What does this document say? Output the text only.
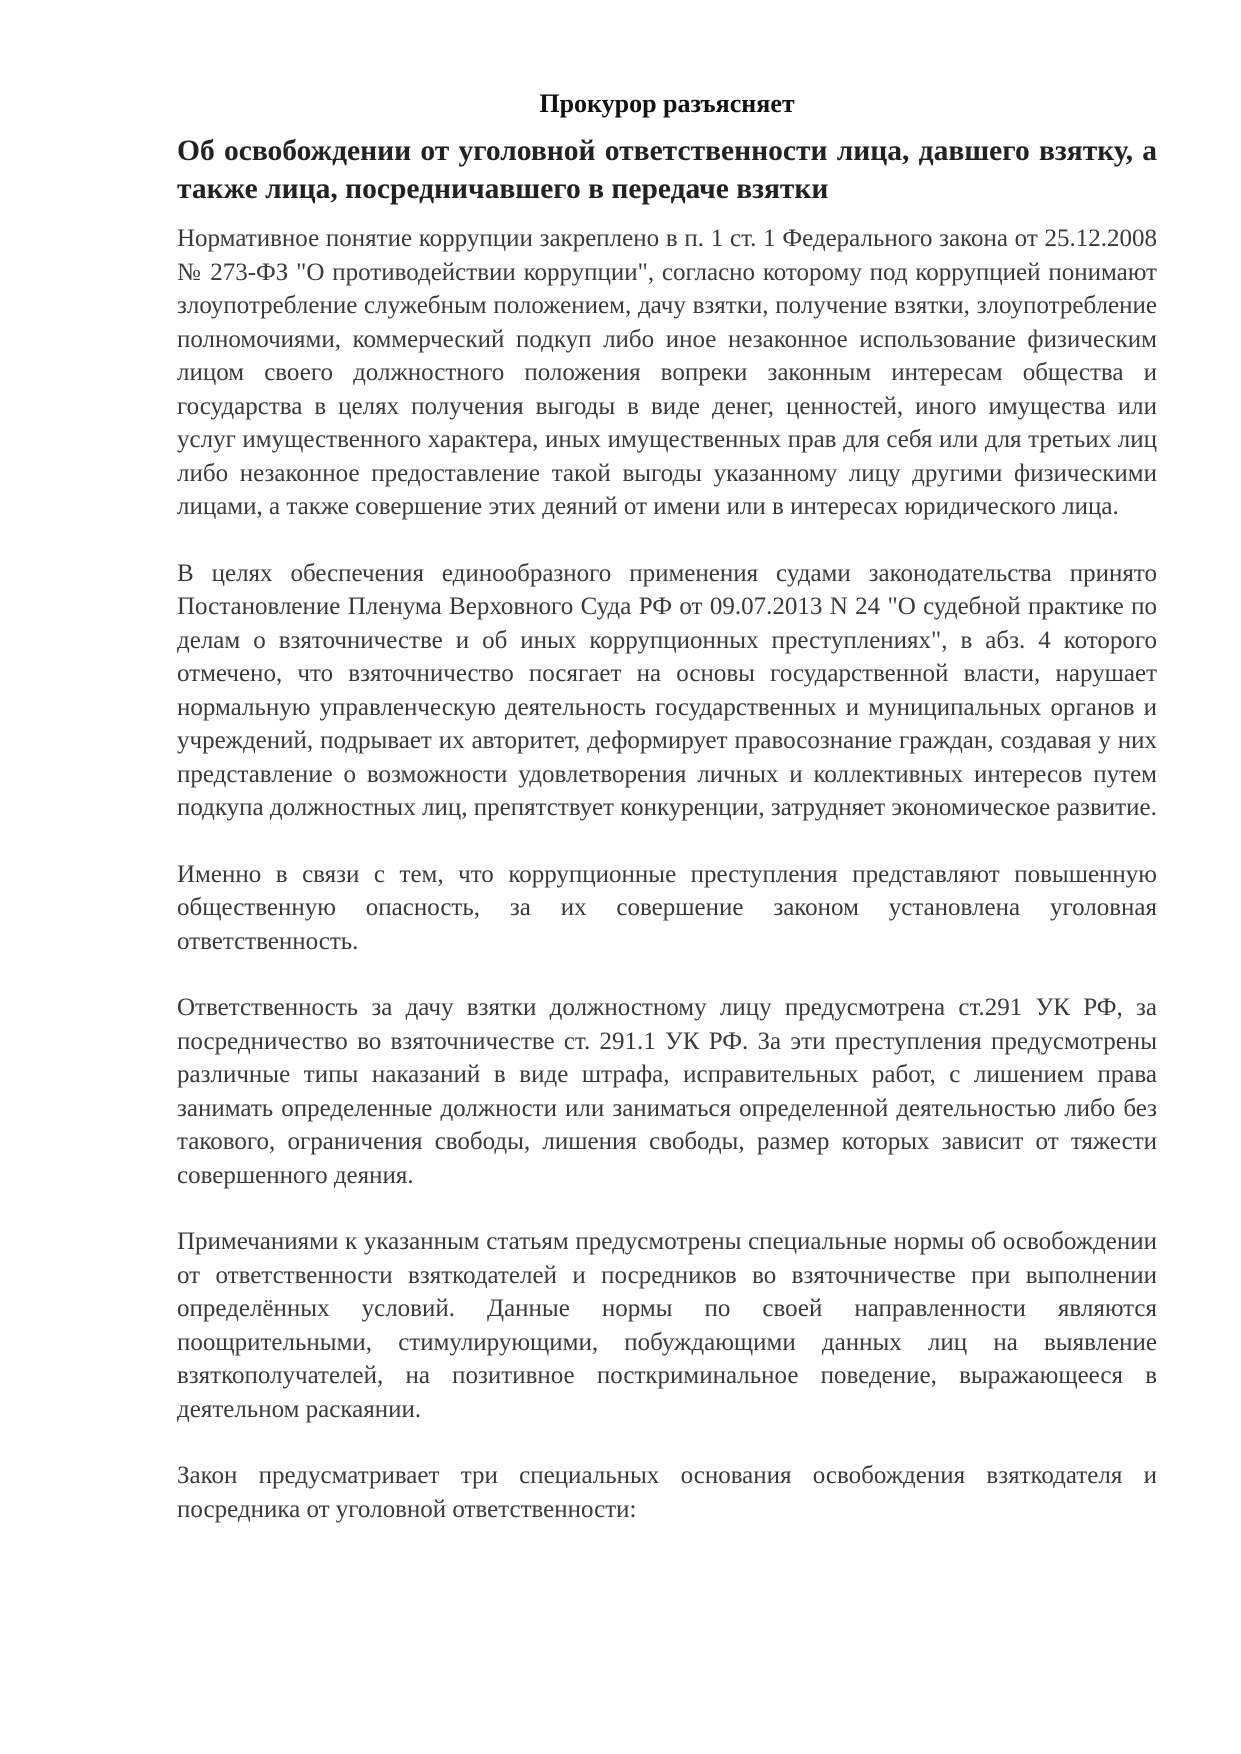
Прокурор разъясняет
Об освобождении от уголовной ответственности лица, давшего взятку, а также лица, посредничавшего в передаче взятки

Нормативное понятие коррупции закреплено в п. 1 ст. 1 Федерального закона от 25.12.2008 № 273-ФЗ "О противодействии коррупции", согласно которому под коррупцией понимают злоупотребление служебным положением, дачу взятки, получение взятки, злоупотребление полномочиями, коммерческий подкуп либо иное незаконное использование физическим лицом своего должностного положения вопреки законным интересам общества и государства в целях получения выгоды в виде денег, ценностей, иного имущества или услуг имущественного характера, иных имущественных прав для себя или для третьих лиц либо незаконное предоставление такой выгоды указанному лицу другими физическими лицами, а также совершение этих деяний от имени или в интересах юридического лица.

В целях обеспечения единообразного применения судами законодательства принято Постановление Пленума Верховного Суда РФ от 09.07.2013 N 24 "О судебной практике по делам о взяточничестве и об иных коррупционных преступлениях", в абз. 4 которого отмечено, что взяточничество посягает на основы государственной власти, нарушает нормальную управленческую деятельность государственных и муниципальных органов и учреждений, подрывает их авторитет, деформирует правосознание граждан, создавая у них представление о возможности удовлетворения личных и коллективных интересов путем подкупа должностных лиц, препятствует конкуренции, затрудняет экономическое развитие.

Именно в связи с тем, что коррупционные преступления представляют повышенную общественную опасность, за их совершение законом установлена уголовная ответственность.

Ответственность за дачу взятки должностному лицу предусмотрена ст.291 УК РФ, за посредничество во взяточничестве ст. 291.1 УК РФ. За эти преступления предусмотрены различные типы наказаний в виде штрафа, исправительных работ, с лишением права занимать определенные должности или заниматься определенной деятельностью либо без такового, ограничения свободы, лишения свободы, размер которых зависит от тяжести совершенного деяния.

Примечаниями к указанным статьям предусмотрены специальные нормы об освобождении от ответственности взяткодателей и посредников во взяточничестве при выполнении определённых условий. Данные нормы по своей направленности являются поощрительными, стимулирующими, побуждающими данных лиц на выявление взяткополучателей, на позитивное посткриминальное поведение, выражающееся в деятельном раскаянии.

Закон предусматривает три специальных основания освобождения взяткодателя и посредника от уголовной ответственности:
